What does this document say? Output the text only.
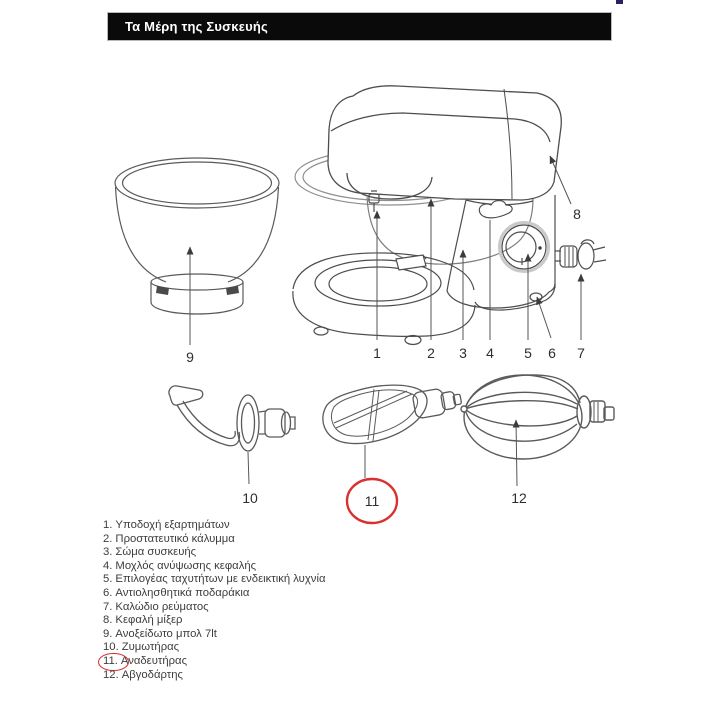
Τα Μέρη της Συσκευής
1	2 3 4 5 6 7
8
9
10	11	12
1. Υποδοχή εξαρτημάτων
2. Προστατευτικό κάλυμμα
3. Σώμα συσκευής
4. Μοχλός ανύψωσης κεφαλής
5. Επιλογέας ταχυτήτων με ενδεικτική λυχνία
6. Αντιολησθητικά ποδαράκια
7. Καλώδιο ρεύματος
8. Κεφαλή μίξερ
9. Ανοξείδωτο μπολ 7lt
10. Ζυμωτήρας
11. Αναδευτήρας
12. Αβγοδάρτης
